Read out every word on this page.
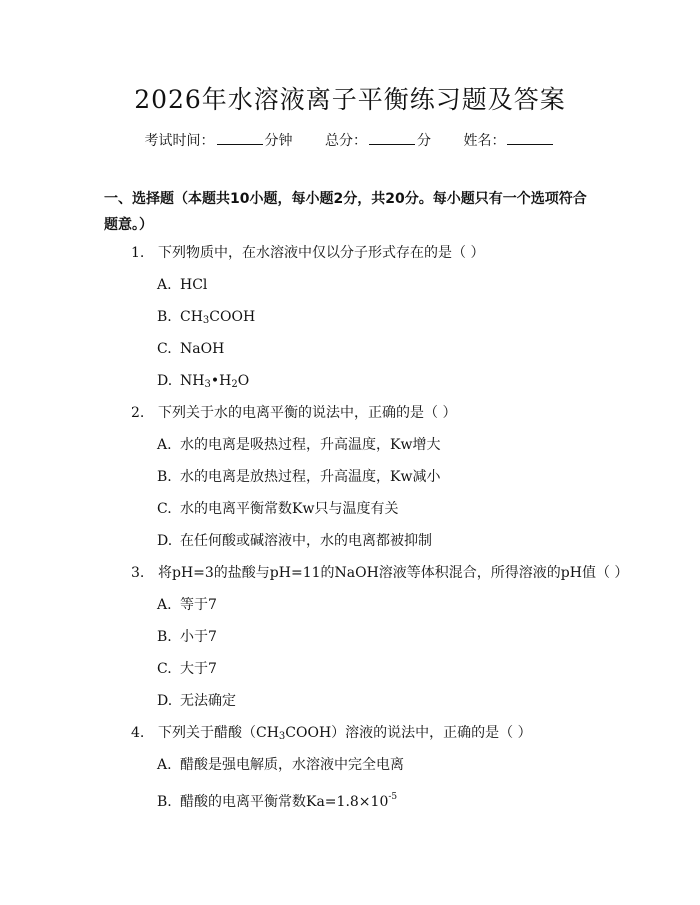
2026年水溶液离子平衡练习题及答案
考试时间：	分钟 总分：	分 姓名：
一、选择题（本题共10小题，每小题2分，共20分。每小题只有一个选项符合
题意。）
1. 下列物质中，在水溶液中仅以分子形式存在的是（ ）
A. HCl
B. $CH_3COOH$
C. NaOH
D. $NH_3•H_2O$
2. 下列关于水的电离平衡的说法中，正确的是（ ）
A. 水的电离是吸热过程，升高温度，Kw增大
B. 水的电离是放热过程，升高温度，Kw减小
C. 水的电离平衡常数Kw只与温度有关
D. 在任何酸或碱溶液中，水的电离都被抑制
3. 将pH=3的盐酸与pH=11的NaOH溶液等体积混合，所得溶液的pH值（ ）
A. 等于7
B. 小于7
C. 大于7
D. 无法确定
4. 下列关于醋酸$(CH_3COOH)$溶液的说法中，正确的是（ ）
A. 醋酸是强电解质，水溶液中完全电离
B. 醋酸的电离平衡常数$Ka=1.8\times 10^{-5}$
